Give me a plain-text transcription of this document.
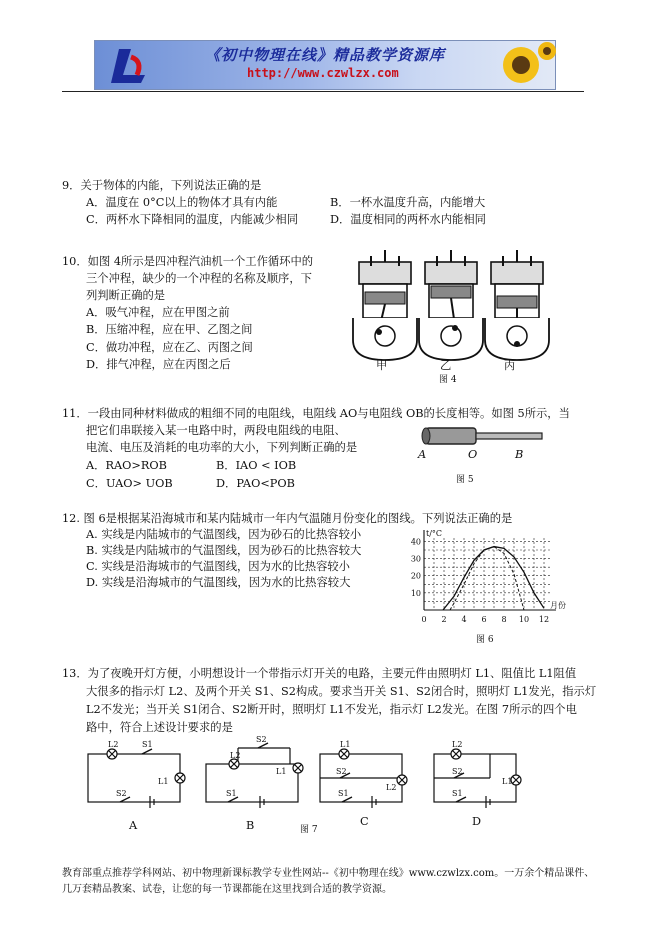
《初中物理在线》精品教学资源库
http://www.czwlzx.com
9．关于物体的内能，下列说法正确的是
A．温度在 0°C以上的物体才具有内能	B．一杯水温度升高，内能增大
C．两杯水下降相同的温度，内能减少相同	D．温度相同的两杯水内能相同
10．如图 4所示是四冲程汽油机一个工作循环中的
三个冲程，缺少的一个冲程的名称及顺序，下
列判断正确的是
A．吸气冲程，应在甲图之前
B．压缩冲程，应在甲、乙图之间
C．做功冲程，应在乙、丙图之间
D．排气冲程，应在丙图之后	甲	乙	丙
图 4
11．一段由同种材料做成的粗细不同的电阻线，电阻线 AO与电阻线 OB的长度相等。如图 5所示，当
把它们串联接入某一电路中时，两段电阻线的电阻、
电流、电压及消耗的电功率的大小，下列判断正确的是
A．RAO>ROB	B．IAO < IOB
C．UAO> UOB	D．PAO<POB
A	O	B
图 5
12. 图 6是根据某沿海城市和某内陆城市一年内气温随月份变化的图线。下列说法正确的是
A. 实线是内陆城市的气温图线，因为砂石的比热容较小
B. 实线是内陆城市的气温图线，因为砂石的比热容较大
C. 实线是沿海城市的气温图线，因为水的比热容较小
D. 实线是沿海城市的气温图线，因为水的比热容较大
0 2 4 6 8 10 12
10
20
30
40
t/°C
月份
图 6
13．为了夜晚开灯方便，小明想设计一个带指示灯开关的电路，主要元件由照明灯 L1、阻值比 L1阻值
大很多的指示灯 L2、及两个开关 S1、S2构成。要求当开关 S1、S2闭合时，照明灯 L1发光，指示灯
L2不发光；当开关 S1闭合、S2断开时，照明灯 L1不发光，指示灯 L2发光。在图 7所示的四个电
路中，符合上述设计要求的是
L2	S1
L1
S2
L2
S2
L1
S1
L1
S2
L2
S1
L2
S2
L1
S1
A	B	图 7
C	D
教育部重点推荐学科网站、初中物理新课标教学专业性网站--《初中物理在线》www.czwlzx.com。一万余个精品课件、几万套精品教案、试卷，让您的每一节课都能在这里找到合适的教学资源。
